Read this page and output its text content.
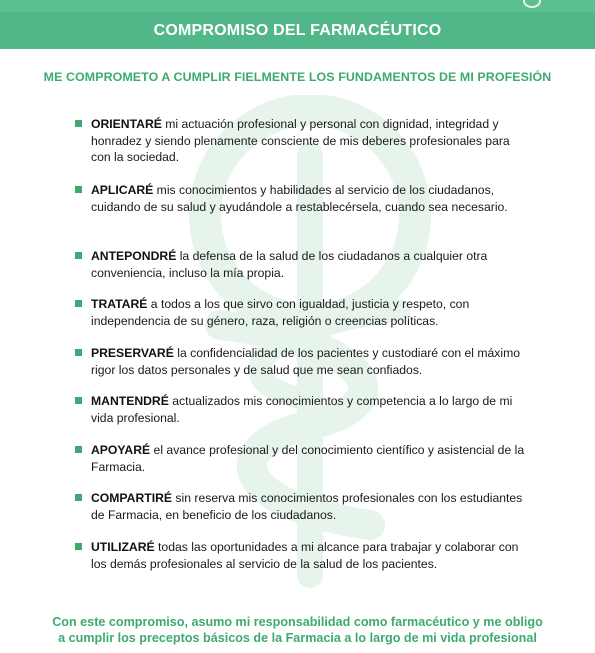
COMPROMISO DEL FARMACÉUTICO
ME COMPROMETO A CUMPLIR FIELMENTE LOS FUNDAMENTOS DE MI PROFESIÓN
ORIENTARÉ mi actuación profesional y personal con dignidad, integridad y honradez y siendo plenamente consciente de mis deberes profesionales para con la sociedad.
APLICARÉ mis conocimientos y habilidades al servicio de los ciudadanos, cuidando de su salud y ayudándole a restablecérsela, cuando sea necesario.
ANTEPONDRÉ la defensa de la salud de los ciudadanos a cualquier otra conveniencia, incluso la mía propia.
TRATARÉ a todos a los que sirvo con igualdad, justicia y respeto, con independencia de su género, raza, religión o creencias políticas.
PRESERVARÉ la confidencialidad de los pacientes y custodiaré con el máximo rigor los datos personales y de salud que me sean confiados.
MANTENDRÉ actualizados mis conocimientos y competencia a lo largo de mi vida profesional.
APOYARÉ el avance profesional y del conocimiento científico y asistencial de la Farmacia.
COMPARTIRÉ sin reserva mis conocimientos profesionales con los estudiantes de Farmacia, en beneficio de los ciudadanos.
UTILIZARÉ todas las oportunidades a mi alcance para trabajar y colaborar con los demás profesionales al servicio de la salud de los pacientes.
Con este compromiso, asumo mi responsabilidad como farmacéutico y me obligo
a cumplir los preceptos básicos de la Farmacia a lo largo de mi vida profesional
